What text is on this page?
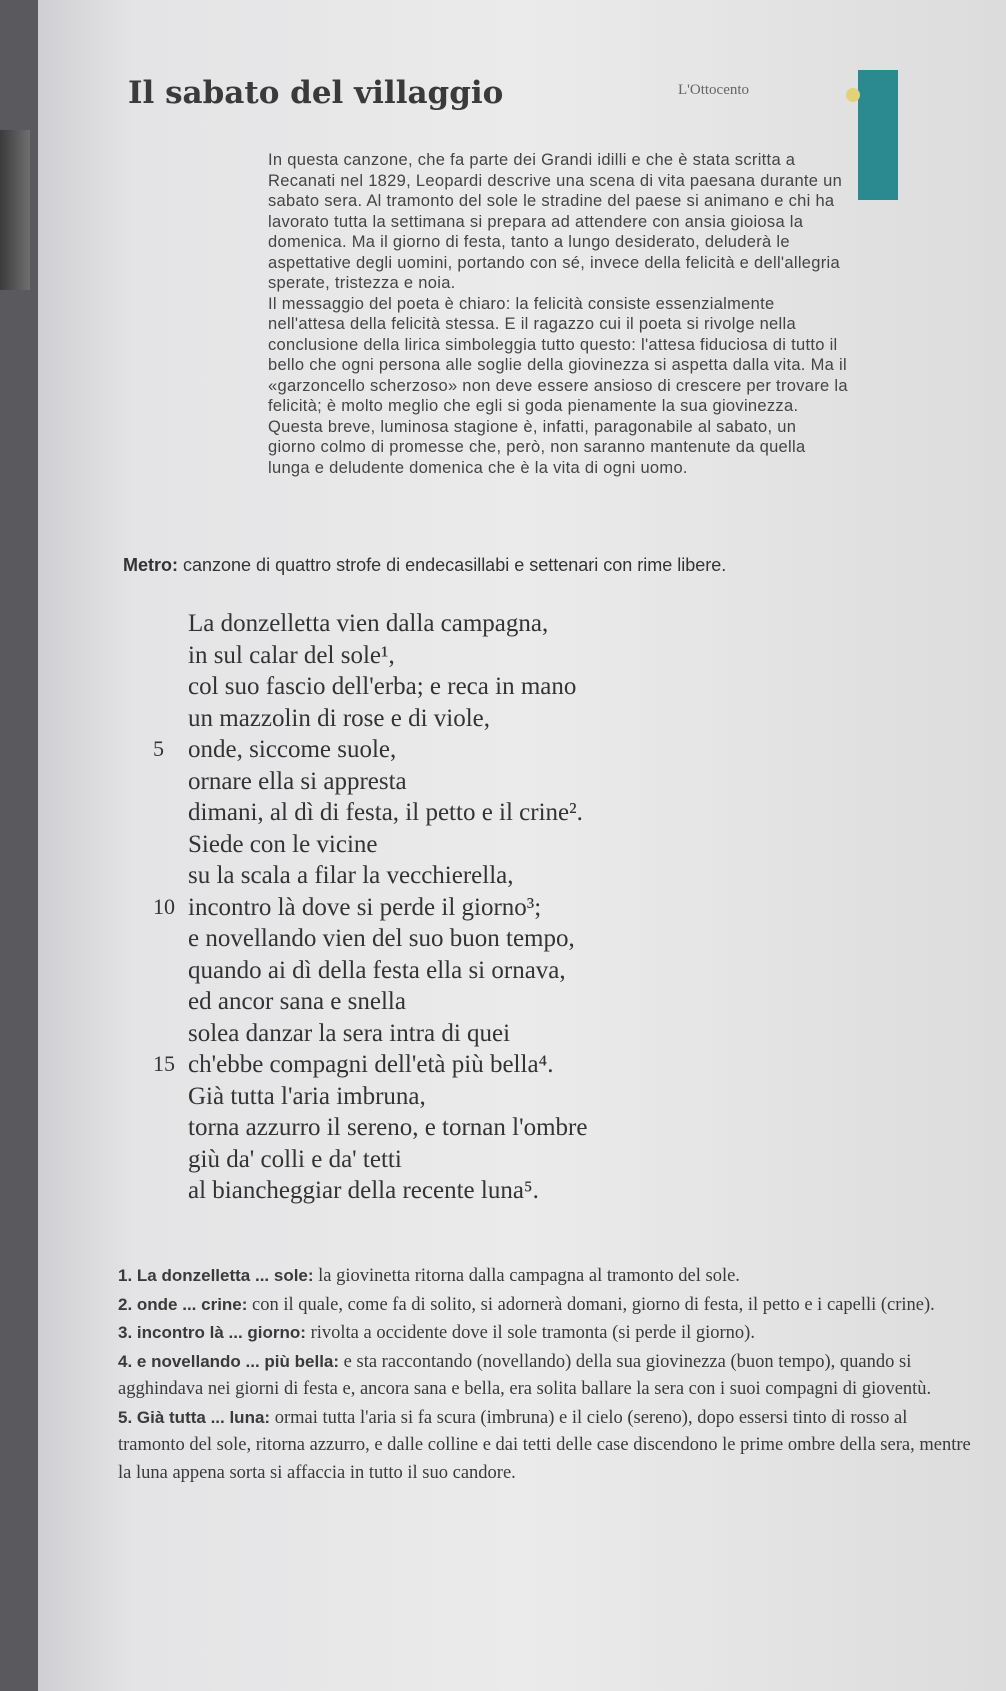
Il sabato del villaggio	L'Ottocento

In questa canzone, che fa parte dei Grandi idilli e che è stata scritta a Recanati nel 1829, Leopardi descrive una scena di vita paesana durante un sabato sera. Al tramonto del sole le stradine del paese si animano e chi ha lavorato tutta la settimana si prepara ad attendere con ansia gioiosa la domenica. Ma il giorno di festa, tanto a lungo desiderato, deluderà le aspettative degli uomini, portando con sé, invece della felicità e dell'allegria sperate, tristezza e noia.

Il messaggio del poeta è chiaro: la felicità consiste essenzialmente nell'attesa della felicità stessa. E il ragazzo cui il poeta si rivolge nella conclusione della lirica simboleggia tutto questo: l'attesa fiduciosa di tutto il bello che ogni persona alle soglie della giovinezza si aspetta dalla vita. Ma il «garzoncello scherzoso» non deve essere ansioso di crescere per trovare la felicità; è molto meglio che egli si goda pienamente la sua giovinezza. Questa breve, luminosa stagione è, infatti, paragonabile al sabato, un giorno colmo di promesse che, però, non saranno mantenute da quella lunga e deludente domenica che è la vita di ogni uomo.

Metro: canzone di quattro strofe di endecasillabi e settenari con rime libere.
La donzelletta vien dalla campagna,
in sul calar del sole¹,
col suo fascio dell'erba; e reca in mano
un mazzolin di rose e di viole,
5 onde, siccome suole,
ornare ella si appresta
dimani, al dì di festa, il petto e il crine².
Siede con le vicine
su la scala a filar la vecchierella,
10 incontro là dove si perde il giorno³;
e novellando vien del suo buon tempo,
quando ai dì della festa ella si ornava,
ed ancor sana e snella
solea danzar la sera intra di quei
15 ch'ebbe compagni dell'età più bella⁴.
Già tutta l'aria imbruna,
torna azzurro il sereno, e tornan l'ombre
giù da' colli e da' tetti
al biancheggiar della recente luna⁵.

1. La donzelletta ... sole: la giovinetta ritorna dalla campagna al tramonto del sole.

2. onde ... crine: con il quale, come fa di solito, si adornerà domani, giorno di festa, il petto e i capelli (crine).

3. incontro là ... giorno: rivolta a occidente dove il sole tramonta (si perde il giorno).

4. e novellando ... più bella: e sta raccontando (novellando) della sua giovinezza (buon tempo), quando si agghindava nei giorni di festa e, ancora sana e bella, era solita ballare la sera con i suoi compagni di gioventù.

5. Già tutta ... luna: ormai tutta l'aria si fa scura (imbruna) e il cielo (sereno), dopo essersi tinto di rosso al tramonto del sole, ritorna azzurro, e dalle colline e dai tetti delle case discendono le prime ombre della sera, mentre la luna appena sorta si affaccia in tutto il suo candore.
